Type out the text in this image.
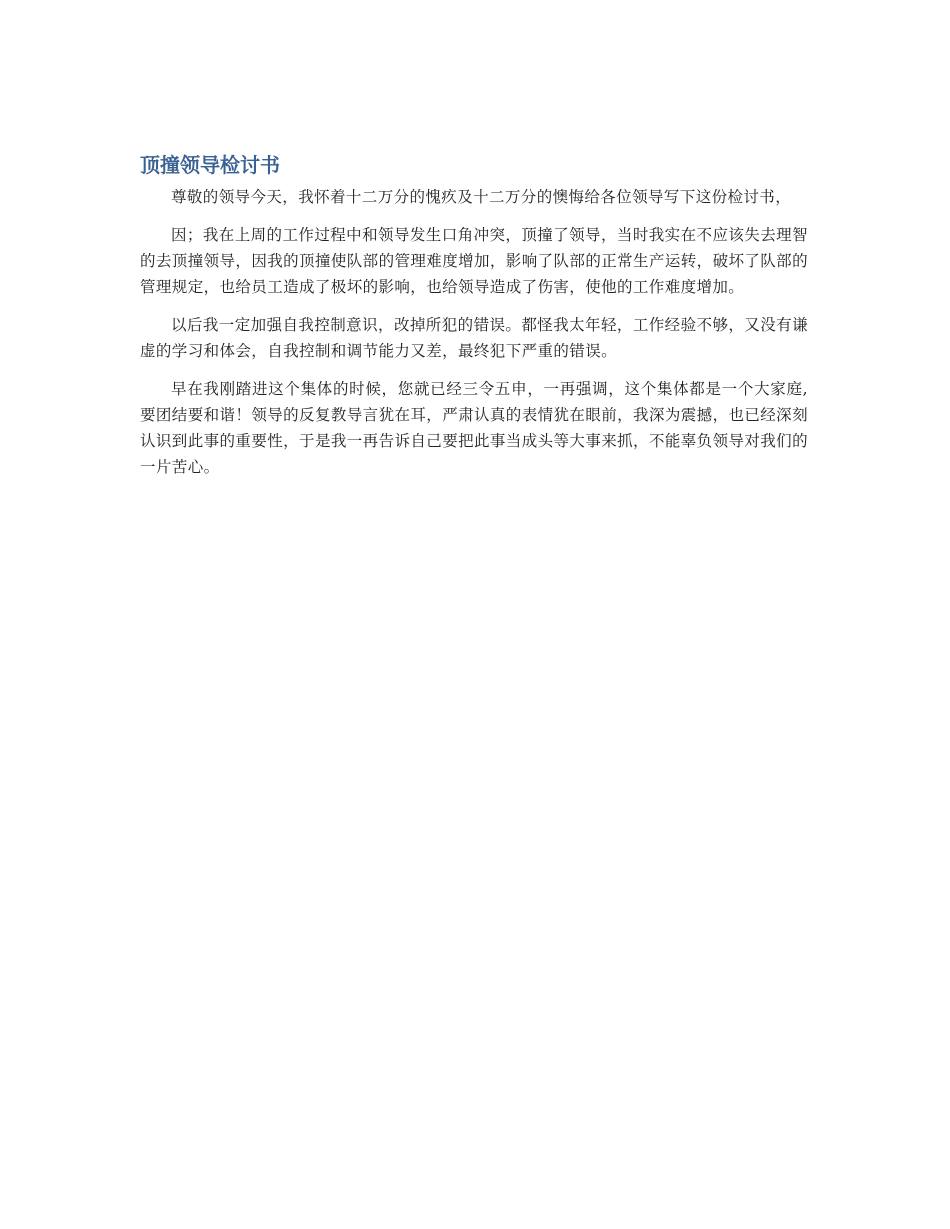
顶撞领导检讨书

尊敬的领导今天，我怀着十二万分的愧疚及十二万分的懊悔给各位领导写下这份检讨书，

因；我在上周的工作过程中和领导发生口角冲突，顶撞了领导，当时我实在不应该失去理智的去顶撞领导，因我的顶撞使队部的管理难度增加，影响了队部的正常生产运转，破坏了队部的管理规定，也给员工造成了极坏的影响，也给领导造成了伤害，使他的工作难度增加。

以后我一定加强自我控制意识，改掉所犯的错误。都怪我太年轻，工作经验不够，又没有谦虚的学习和体会，自我控制和调节能力又差，最终犯下严重的错误。

早在我刚踏进这个集体的时候，您就已经三令五申，一再强调，这个集体都是一个大家庭,要团结要和谐！领导的反复教导言犹在耳，严肃认真的表情犹在眼前，我深为震撼，也已经深刻认识到此事的重要性，于是我一再告诉自己要把此事当成头等大事来抓，不能辜负领导对我们的一片苦心。
